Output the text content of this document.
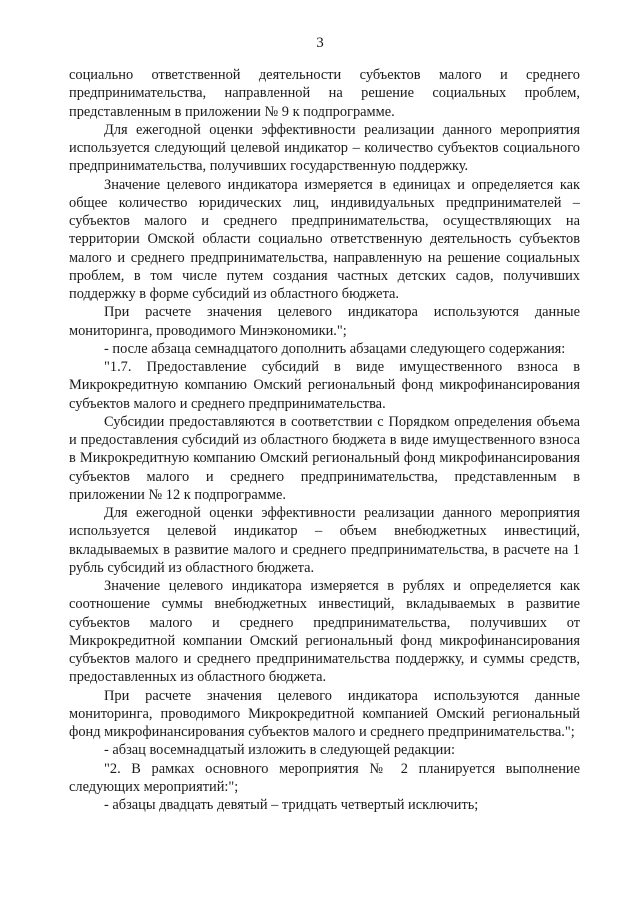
3

социально ответственной деятельности субъектов малого и среднего предпринимательства, направленной на решение социальных проблем, представленным в приложении № 9 к подпрограмме.

Для ежегодной оценки эффективности реализации данного мероприятия используется следующий целевой индикатор – количество субъектов социального предпринимательства, получивших государственную поддержку.

Значение целевого индикатора измеряется в единицах и определяется как общее количество юридических лиц, индивидуальных предпринимателей – субъектов малого и среднего предпринимательства, осуществляющих на территории Омской области социально ответственную деятельность субъектов малого и среднего предпринимательства, направленную на решение социальных проблем, в том числе путем создания частных детских садов, получивших поддержку в форме субсидий из областного бюджета.

При расчете значения целевого индикатора используются данные мониторинга, проводимого Минэкономики.";

- после абзаца семнадцатого дополнить абзацами следующего содержания:

"1.7. Предоставление субсидий в виде имущественного взноса в Микрокредитную компанию Омский региональный фонд микрофинансирования субъектов малого и среднего предпринимательства.

Субсидии предоставляются в соответствии с Порядком определения объема и предоставления субсидий из областного бюджета в виде имущественного взноса в Микрокредитную компанию Омский региональный фонд микрофинансирования субъектов малого и среднего предпринимательства, представленным в приложении № 12 к подпрограмме.

Для ежегодной оценки эффективности реализации данного мероприятия используется целевой индикатор – объем внебюджетных инвестиций, вкладываемых в развитие малого и среднего предпринимательства, в расчете на 1 рубль субсидий из областного бюджета.

Значение целевого индикатора измеряется в рублях и определяется как соотношение суммы внебюджетных инвестиций, вкладываемых в развитие субъектов малого и среднего предпринимательства, получивших от Микрокредитной компании Омский региональный фонд микрофинансирования субъектов малого и среднего предпринимательства поддержку, и суммы средств, предоставленных из областного бюджета.

При расчете значения целевого индикатора используются данные мониторинга, проводимого Микрокредитной компанией Омский региональный фонд микрофинансирования субъектов малого и среднего предпринимательства.";

- абзац восемнадцатый изложить в следующей редакции:

"2. В рамках основного мероприятия № 2 планируется выполнение следующих мероприятий:";

- абзацы двадцать девятый – тридцать четвертый исключить;
